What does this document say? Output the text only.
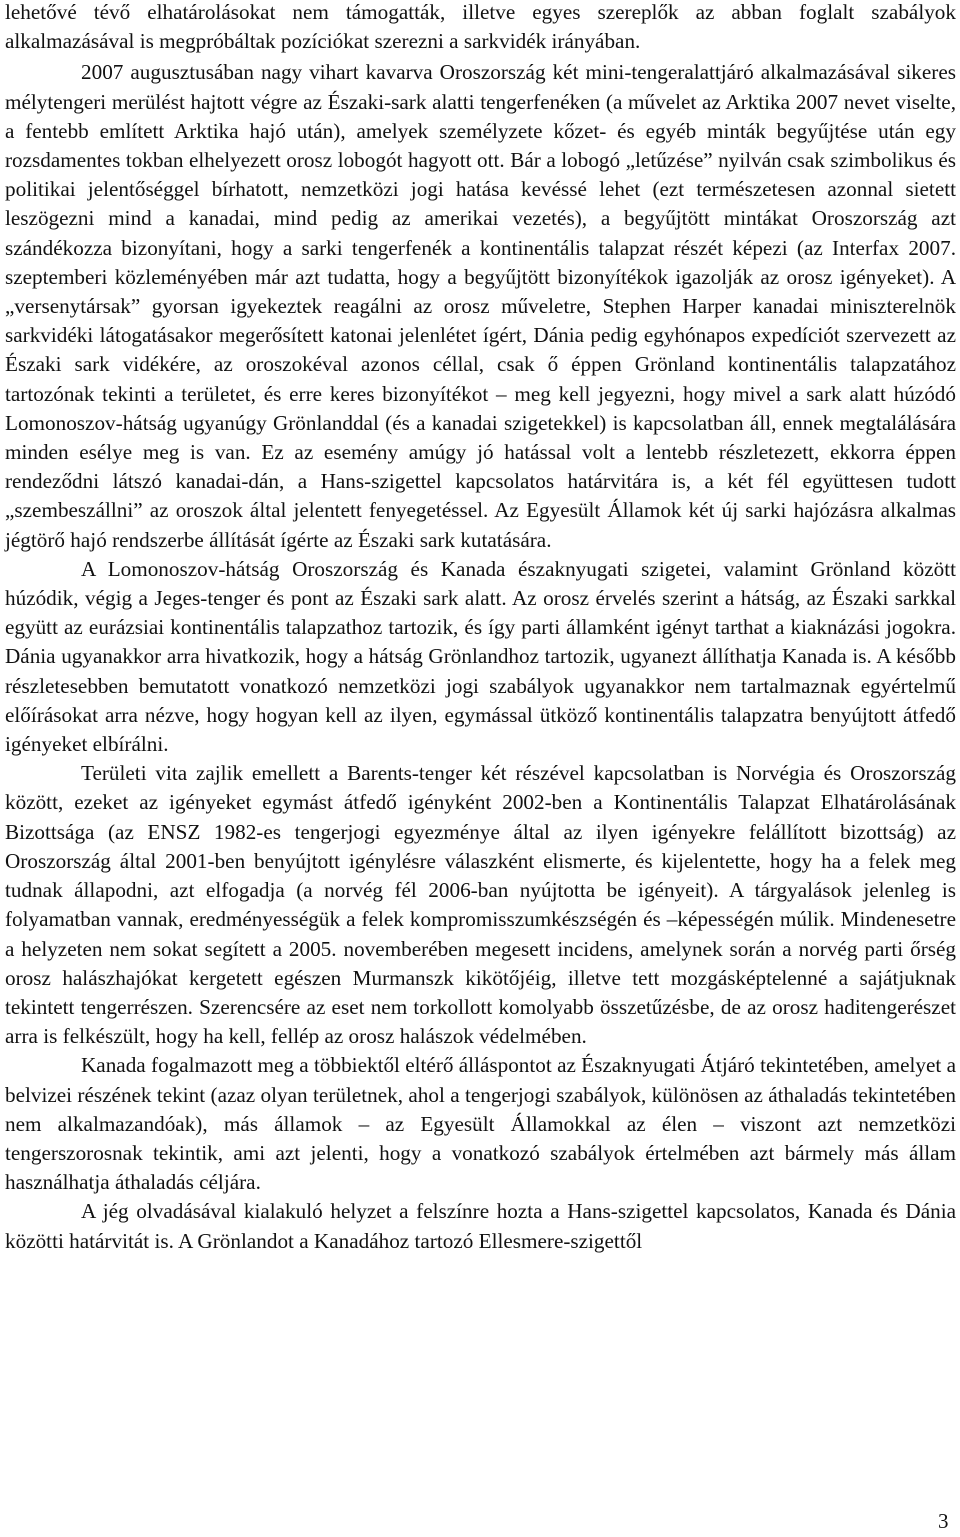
lehetővé tévő elhatárolásokat nem támogatták, illetve egyes szereplők az abban foglalt szabályok alkalmazásával is megpróbáltak pozíciókat szerezni a sarkvidék irányában.

2007 augusztusában nagy vihart kavarva Oroszország két mini-tengeralattjáró alkalmazásával sikeres mélytengeri merülést hajtott végre az Északi-sark alatti tengerfenéken (a művelet az Arktika 2007 nevet viselte, a fentebb említett Arktika hajó után), amelyek személyzete kőzet- és egyéb minták begyűjtése után egy rozsdamentes tokban elhelyezett orosz lobogót hagyott ott. Bár a lobogó „letűzése” nyilván csak szimbolikus és politikai jelentőséggel bírhatott, nemzetközi jogi hatása kevéssé lehet (ezt természetesen azonnal sietett leszögezni mind a kanadai, mind pedig az amerikai vezetés), a begyűjtött mintákat Oroszország azt szándékozza bizonyítani, hogy a sarki tengerfenék a kontinentális talapzat részét képezi (az Interfax 2007. szeptemberi közleményében már azt tudatta, hogy a begyűjtött bizonyítékok igazolják az orosz igényeket). A „versenytársak” gyorsan igyekeztek reagálni az orosz műveletre, Stephen Harper kanadai miniszterelnök sarkvidéki látogatásakor megerősített katonai jelenlétet ígért, Dánia pedig egyhónapos expedíciót szervezett az Északi sark vidékére, az oroszokéval azonos céllal, csak ő éppen Grönland kontinentális talapzatához tartozónak tekinti a területet, és erre keres bizonyítékot – meg kell jegyezni, hogy mivel a sark alatt húzódó Lomonoszov-hátság ugyanúgy Grönlanddal (és a kanadai szigetekkel) is kapcsolatban áll, ennek megtalálására minden esélye meg is van. Ez az esemény amúgy jó hatással volt a lentebb részletezett, ekkorra éppen rendeződni látszó kanadai-dán, a Hans-szigettel kapcsolatos határvitára is, a két fél együttesen tudott „szembeszállni” az oroszok által jelentett fenyegetéssel. Az Egyesült Államok két új sarki hajózásra alkalmas jégtörő hajó rendszerbe állítását ígérte az Északi sark kutatására.

A Lomonoszov-hátság Oroszország és Kanada északnyugati szigetei, valamint Grönland között húzódik, végig a Jeges-tenger és pont az Északi sark alatt. Az orosz érvelés szerint a hátság, az Északi sarkkal együtt az eurázsiai kontinentális talapzathoz tartozik, és így parti államként igényt tarthat a kiaknázási jogokra. Dánia ugyanakkor arra hivatkozik, hogy a hátság Grönlandhoz tartozik, ugyanezt állíthatja Kanada is. A később részletesebben bemutatott vonatkozó nemzetközi jogi szabályok ugyanakkor nem tartalmaznak egyértelmű előírásokat arra nézve, hogy hogyan kell az ilyen, egymással ütköző kontinentális talapzatra benyújtott átfedő igényeket elbírálni.

Területi vita zajlik emellett a Barents-tenger két részével kapcsolatban is Norvégia és Oroszország között, ezeket az igényeket egymást átfedő igényként 2002-ben a Kontinentális Talapzat Elhatárolásának Bizottsága (az ENSZ 1982-es tengerjogi egyezménye által az ilyen igényekre felállított bizottság) az Oroszország által 2001-ben benyújtott igénylésre válaszként elismerte, és kijelentette, hogy ha a felek meg tudnak állapodni, azt elfogadja (a norvég fél 2006-ban nyújtotta be igényeit). A tárgyalások jelenleg is folyamatban vannak, eredményességük a felek kompromisszumkészségén és –képességén múlik. Mindenesetre a helyzeten nem sokat segített a 2005. novemberében megesett incidens, amelynek során a norvég parti őrség orosz halászhajókat kergetett egészen Murmanszk kikötőjéig, illetve tett mozgásképtelenné a sajátjuknak tekintett tengerrészen. Szerencsére az eset nem torkollott komolyabb összetűzésbe, de az orosz haditengerészet arra is felkészült, hogy ha kell, fellép az orosz halászok védelmében.

Kanada fogalmazott meg a többiektől eltérő álláspontot az Északnyugati Átjáró tekintetében, amelyet a belvizei részének tekint (azaz olyan területnek, ahol a tengerjogi szabályok, különösen az áthaladás tekintetében nem alkalmazandóak), más államok – az Egyesült Államokkal az élen – viszont azt nemzetközi tengerszorosnak tekintik, ami azt jelenti, hogy a vonatkozó szabályok értelmében azt bármely más állam használhatja áthaladás céljára.

A jég olvadásával kialakuló helyzet a felszínre hozta a Hans-szigettel kapcsolatos, Kanada és Dánia közötti határvitát is. A Grönlandot a Kanadához tartozó Ellesmere-szigettől

3
